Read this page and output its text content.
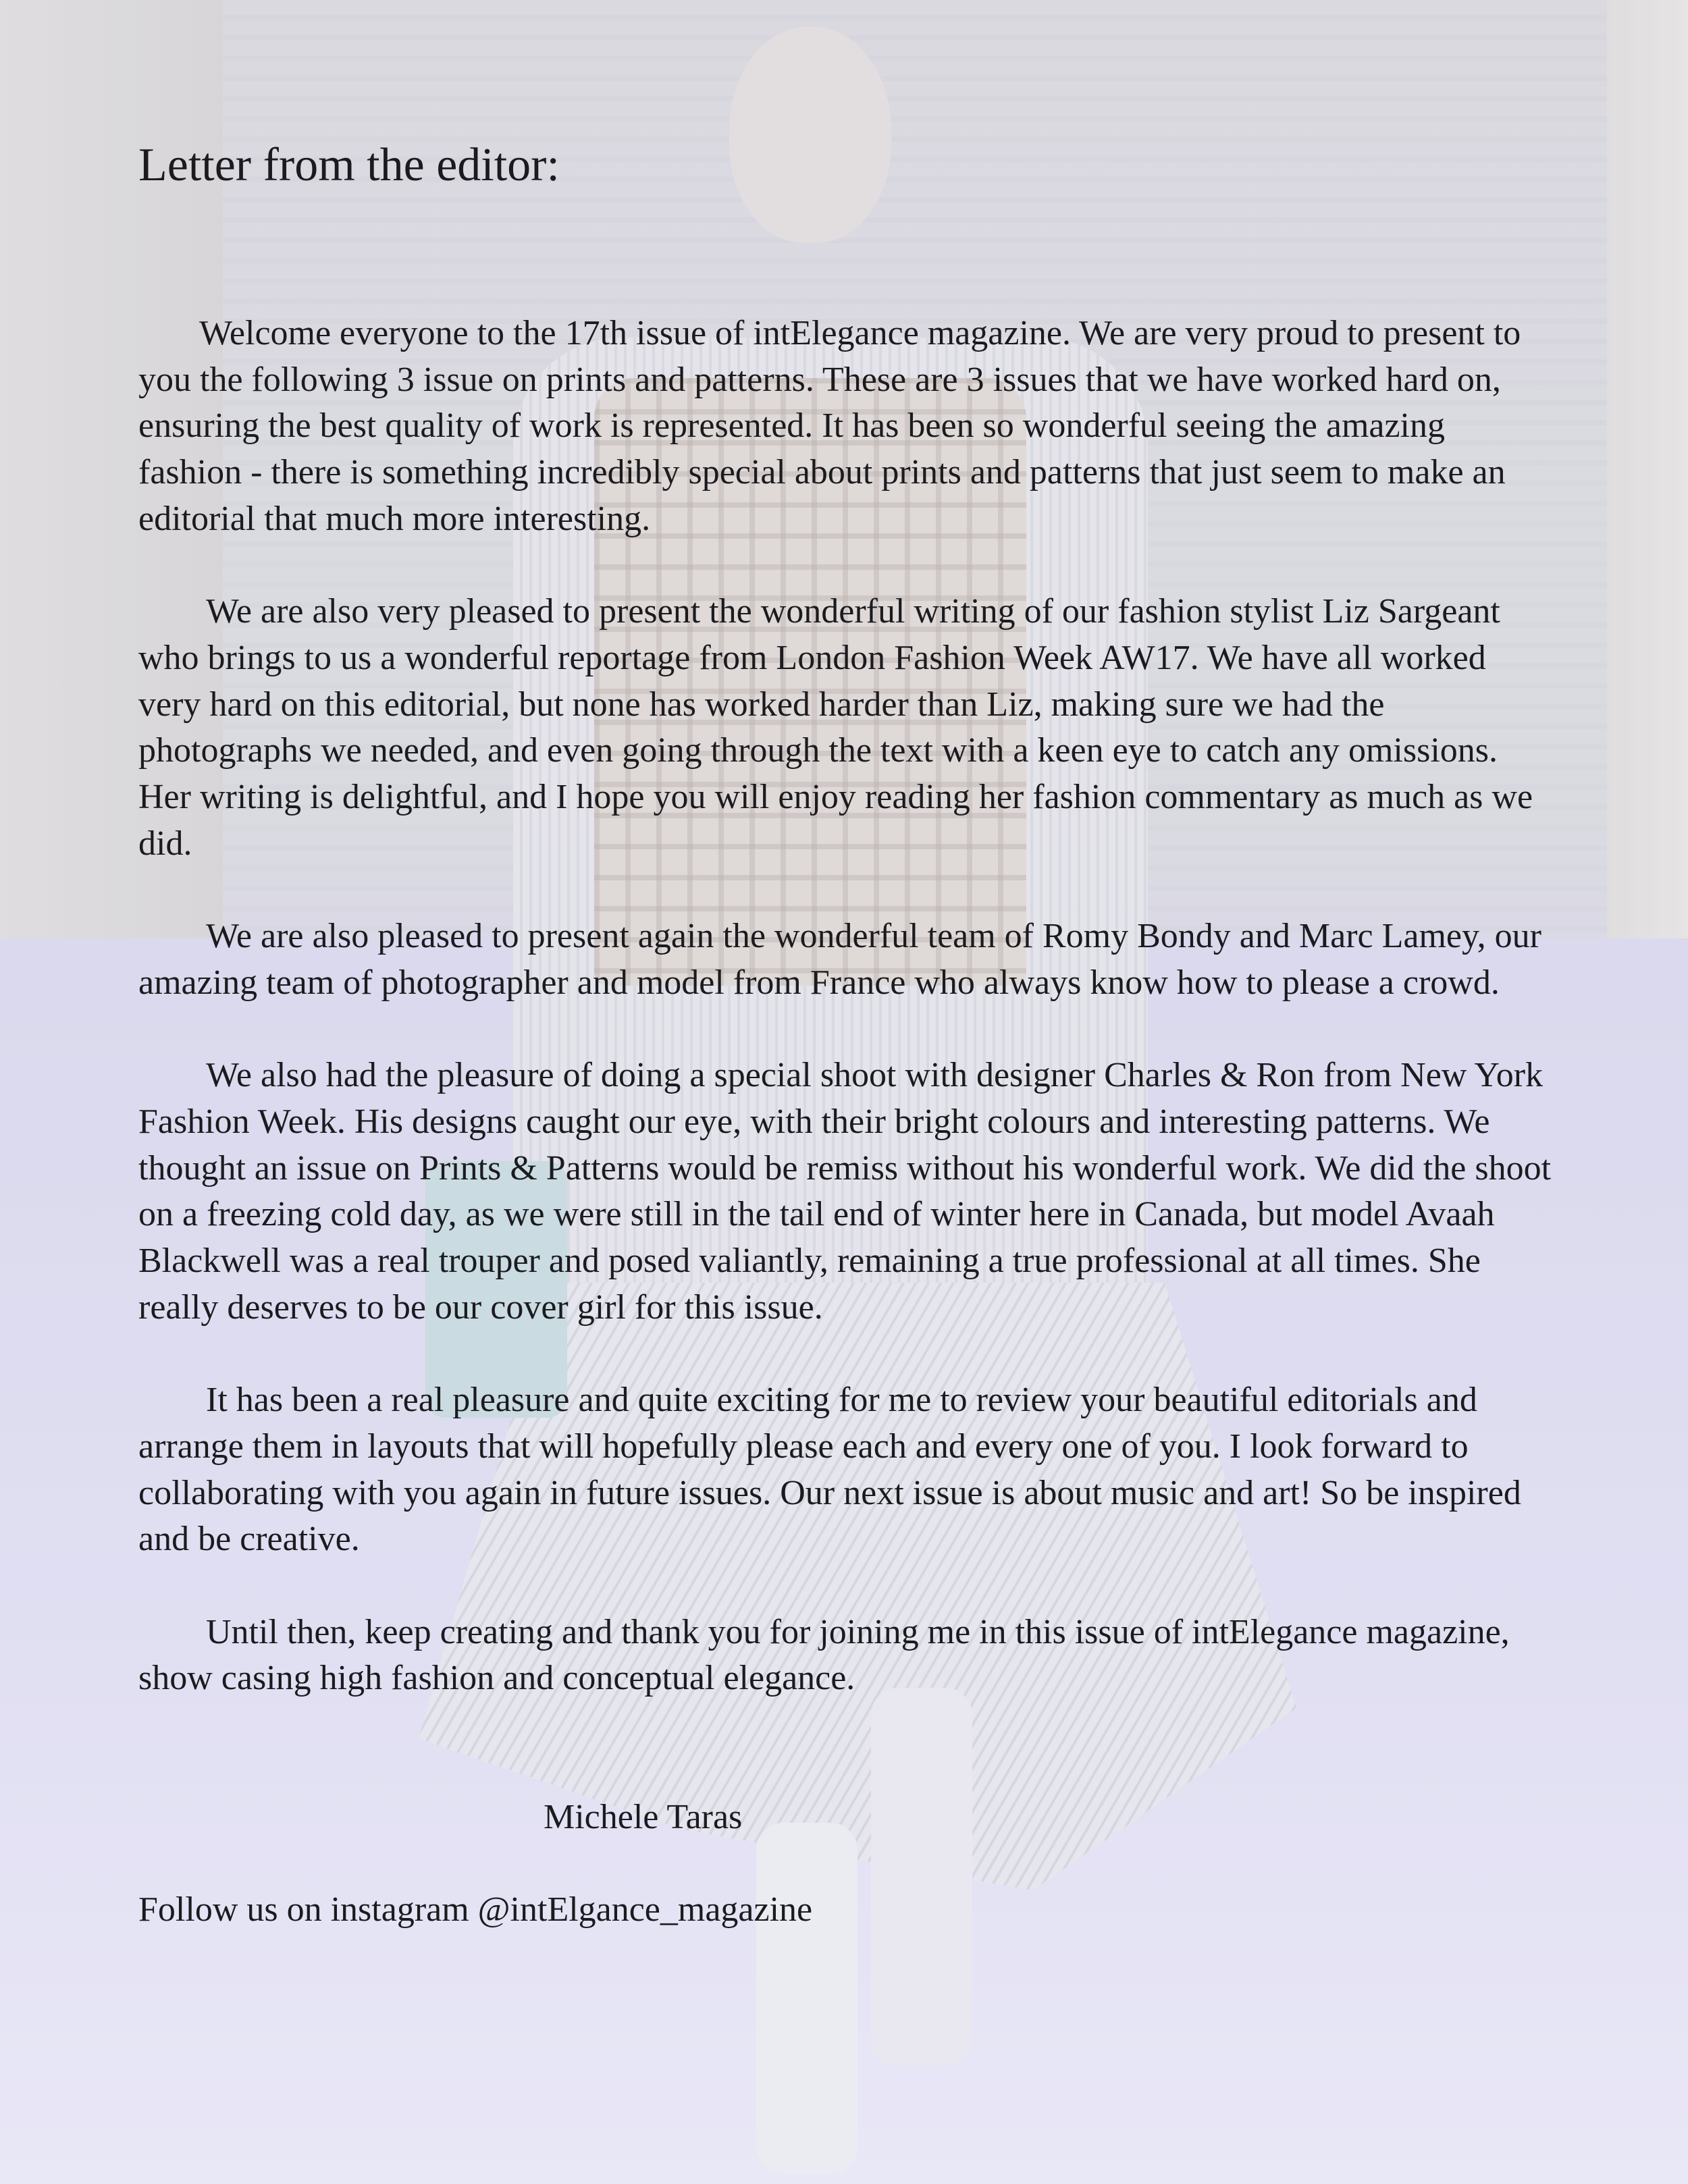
Letter from the editor:

Welcome everyone to the 17th issue of intElegance magazine. We are very proud to present to you the following 3 issue on prints and patterns. These are 3 issues that we have worked hard on, ensuring the best quality of work is represented. It has been so wonderful seeing the amazing fashion - there is something incredibly special about prints and patterns that just seem to make an editorial that much more interesting.

We are also very pleased to present the wonderful writing of our fashion stylist Liz Sargeant who brings to us a wonderful reportage from London Fashion Week AW17. We have all worked very hard on this editorial, but none has worked harder than Liz, making sure we had the photographs we needed, and even going through the text with a keen eye to catch any omissions. Her writing is delightful, and I hope you will enjoy reading her fashion commentary as much as we did.

We are also pleased to present again the wonderful team of Romy Bondy and Marc Lamey, our amazing team of photographer and model from France who always know how to please a crowd.

We also had the pleasure of doing a special shoot with designer Charles & Ron from New York Fashion Week. His designs caught our eye, with their bright colours and interesting patterns. We thought an issue on Prints & Patterns would be remiss without his wonderful work. We did the shoot on a freezing cold day, as we were still in the tail end of winter here in Canada, but model Avaah Blackwell was a real trouper and posed valiantly, remaining a true professional at all times. She really deserves to be our cover girl for this issue.

It has been a real pleasure and quite exciting for me to review your beautiful editorials and arrange them in layouts that will hopefully please each and every one of you. I look forward to collaborating with you again in future issues. Our next issue is about music and art! So be inspired and be creative.

Until then, keep creating and thank you for joining me in this issue of intElegance magazine, show casing high fashion and conceptual elegance.

Michele Taras

Follow us on instagram @intElgance_magazine
